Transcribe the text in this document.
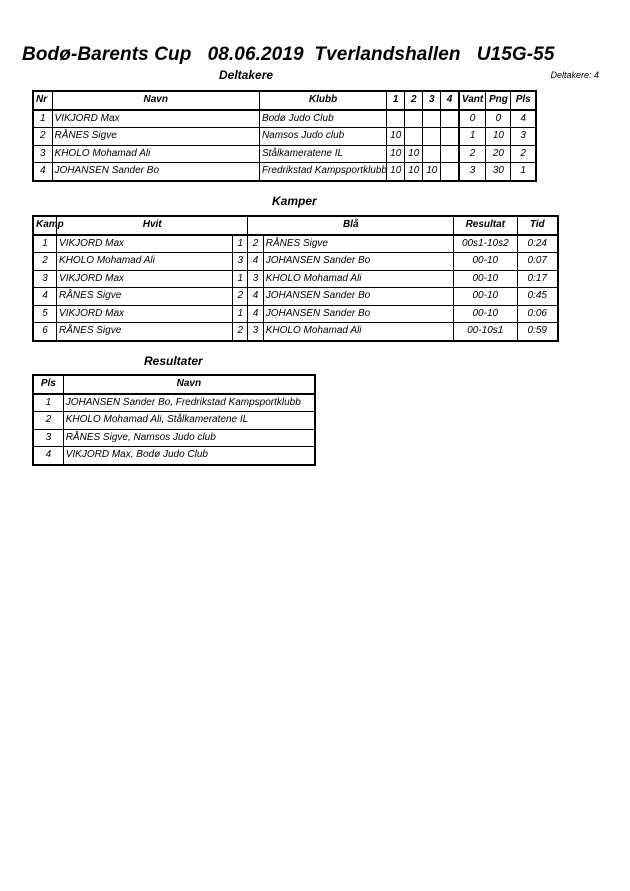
Bodø-Barents Cup   08.06.2019  Tverlandshallen   U15G-55
Deltakere	Deltakere: 4
Nr	Navn	Klubb	1	2	3	4	Vant	Png	Pls
1	VIKJORD Max	Bodø Judo Club					0	0	4
2	RÅNES Sigve	Namsos Judo club	10				1	10	3
3	KHOLO Mohamad Ali	Stålkameratene IL	10	10			2	20	2
4	JOHANSEN Sander Bo	Fredrikstad Kampsportklubb	10	10	10		3	30	1
Kamper
Kamp	Hvit		Blå		Resultat	Tid
1	VIKJORD Max	1	2	RÅNES Sigve	00s1-10s2	0:24
2	KHOLO Mohamad Ali	3	4	JOHANSEN Sander Bo	00-10	0:07
3	VIKJORD Max	1	3	KHOLO Mohamad Ali	00-10	0:17
4	RÅNES Sigve	2	4	JOHANSEN Sander Bo	00-10	0:45
5	VIKJORD Max	1	4	JOHANSEN Sander Bo	00-10	0:06
6	RÅNES Sigve	2	3	KHOLO Mohamad Ali	00-10s1	0:59
Resultater
Pls	Navn
1	JOHANSEN Sander Bo, Fredrikstad Kampsportklubb
2	KHOLO Mohamad Ali, Stålkameratene IL
3	RÅNES Sigve, Namsos Judo club
4	VIKJORD Max, Bodø Judo Club
